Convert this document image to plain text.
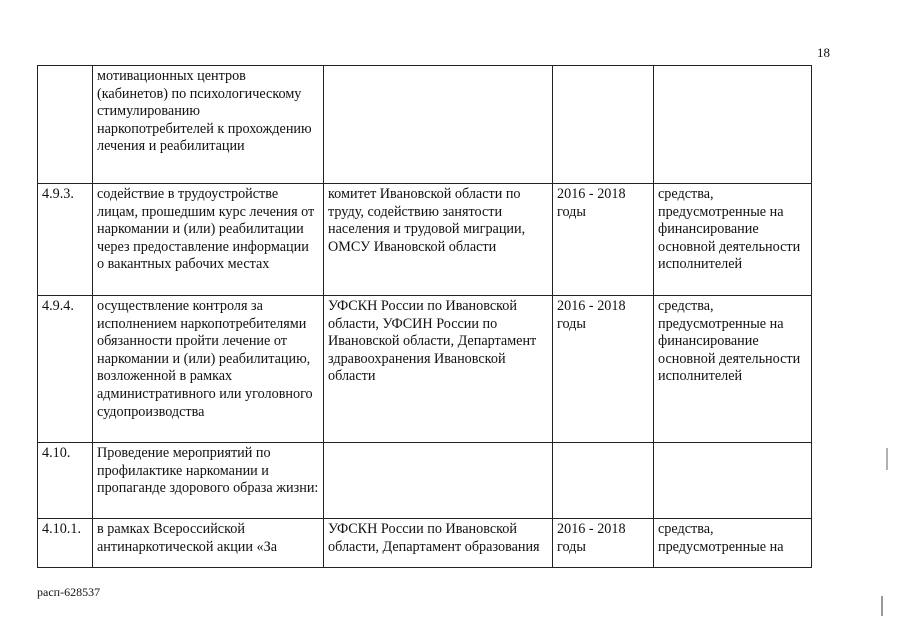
18
	мотивационных центров (кабинетов) по психологическому стимулированию наркопотребителей к прохождению лечения и реабилитации			
4.9.3.	содействие в трудоустройстве лицам, прошедшим курс лечения от наркомании и (или) реабилитации через предоставление информации о вакантных рабочих местах	комитет Ивановской области по труду, содействию занятости населения и трудовой миграции, ОМСУ Ивановской области	2016 - 2018 годы	средства, предусмотренные на финансирование основной деятельности исполнителей
4.9.4.	осуществление контроля за исполнением наркопотребителями обязанности пройти лечение от наркомании и (или) реабилитацию, возложенной в рамках административного или уголовного судопроизводства	УФСКН России по Ивановской области, УФСИН России по Ивановской области, Департамент здравоохранения Ивановской области	2016 - 2018 годы	средства, предусмотренные на финансирование основной деятельности исполнителей
4.10.	Проведение мероприятий по профилактике наркомании и пропаганде здорового образа жизни:			
4.10.1.	в рамках Всероссийской антинаркотической акции «За	УФСКН России по Ивановской области, Департамент образования	2016 - 2018 годы	средства, предусмотренные на
расп-628537
